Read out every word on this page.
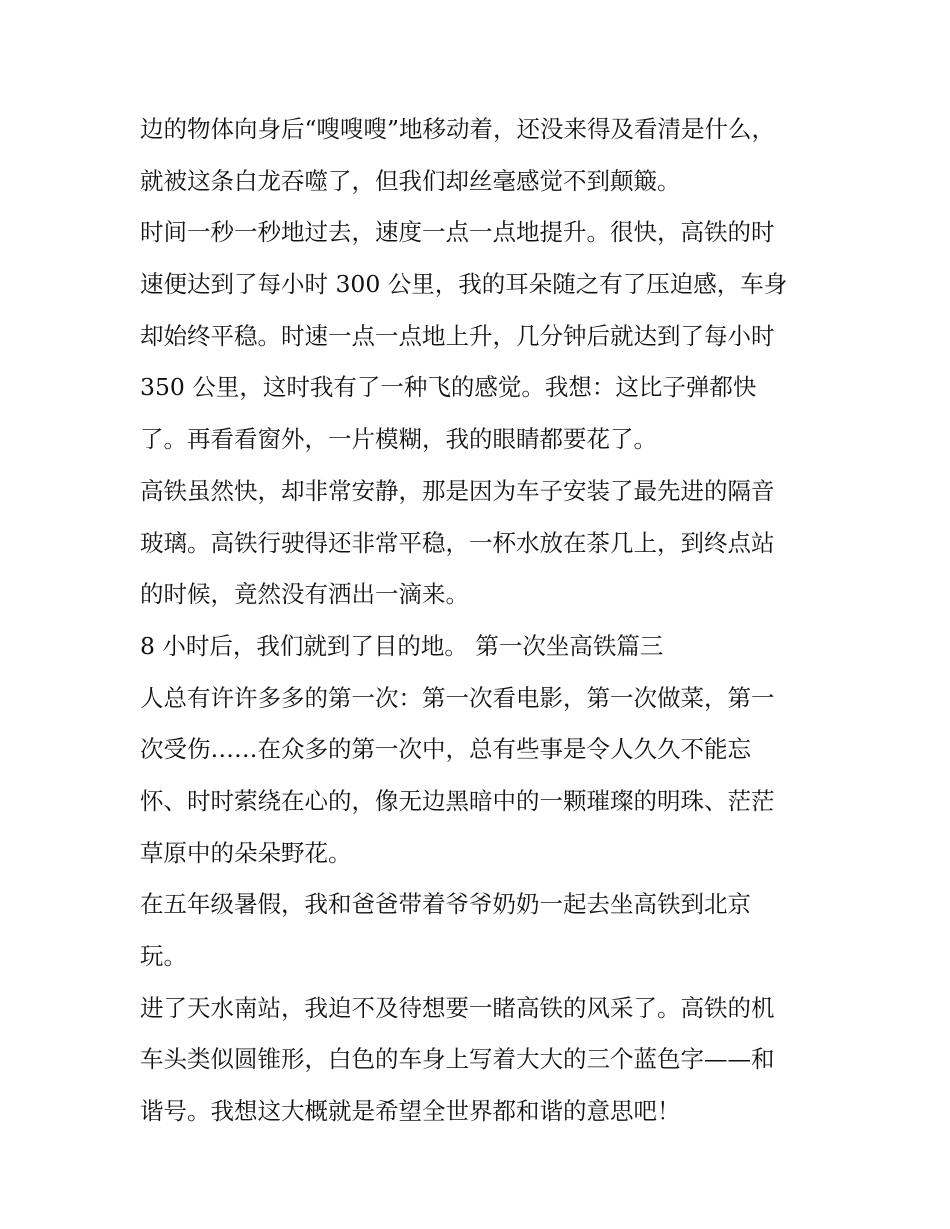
边的物体向身后“嗖嗖嗖”地移动着，还没来得及看清是什么，
就被这条白龙吞噬了，但我们却丝毫感觉不到颠簸。
时间一秒一秒地过去，速度一点一点地提升。很快，高铁的时
速便达到了每小时 300 公里，我的耳朵随之有了压迫感，车身
却始终平稳。时速一点一点地上升，几分钟后就达到了每小时
350 公里，这时我有了一种飞的感觉。我想：这比子弹都快
了。再看看窗外，一片模糊，我的眼睛都要花了。
高铁虽然快，却非常安静，那是因为车子安装了最先进的隔音
玻璃。高铁行驶得还非常平稳，一杯水放在茶几上，到终点站
的时候，竟然没有洒出一滴来。
8 小时后，我们就到了目的地。 第一次坐高铁篇三
人总有许许多多的第一次：第一次看电影，第一次做菜，第一
次受伤……在众多的第一次中，总有些事是令人久久不能忘
怀、时时萦绕在心的，像无边黑暗中的一颗璀璨的明珠、茫茫
草原中的朵朵野花。
在五年级暑假，我和爸爸带着爷爷奶奶一起去坐高铁到北京
玩。
进了天水南站，我迫不及待想要一睹高铁的风采了。高铁的机
车头类似圆锥形，白色的车身上写着大大的三个蓝色字——和
谐号。我想这大概就是希望全世界都和谐的意思吧！
